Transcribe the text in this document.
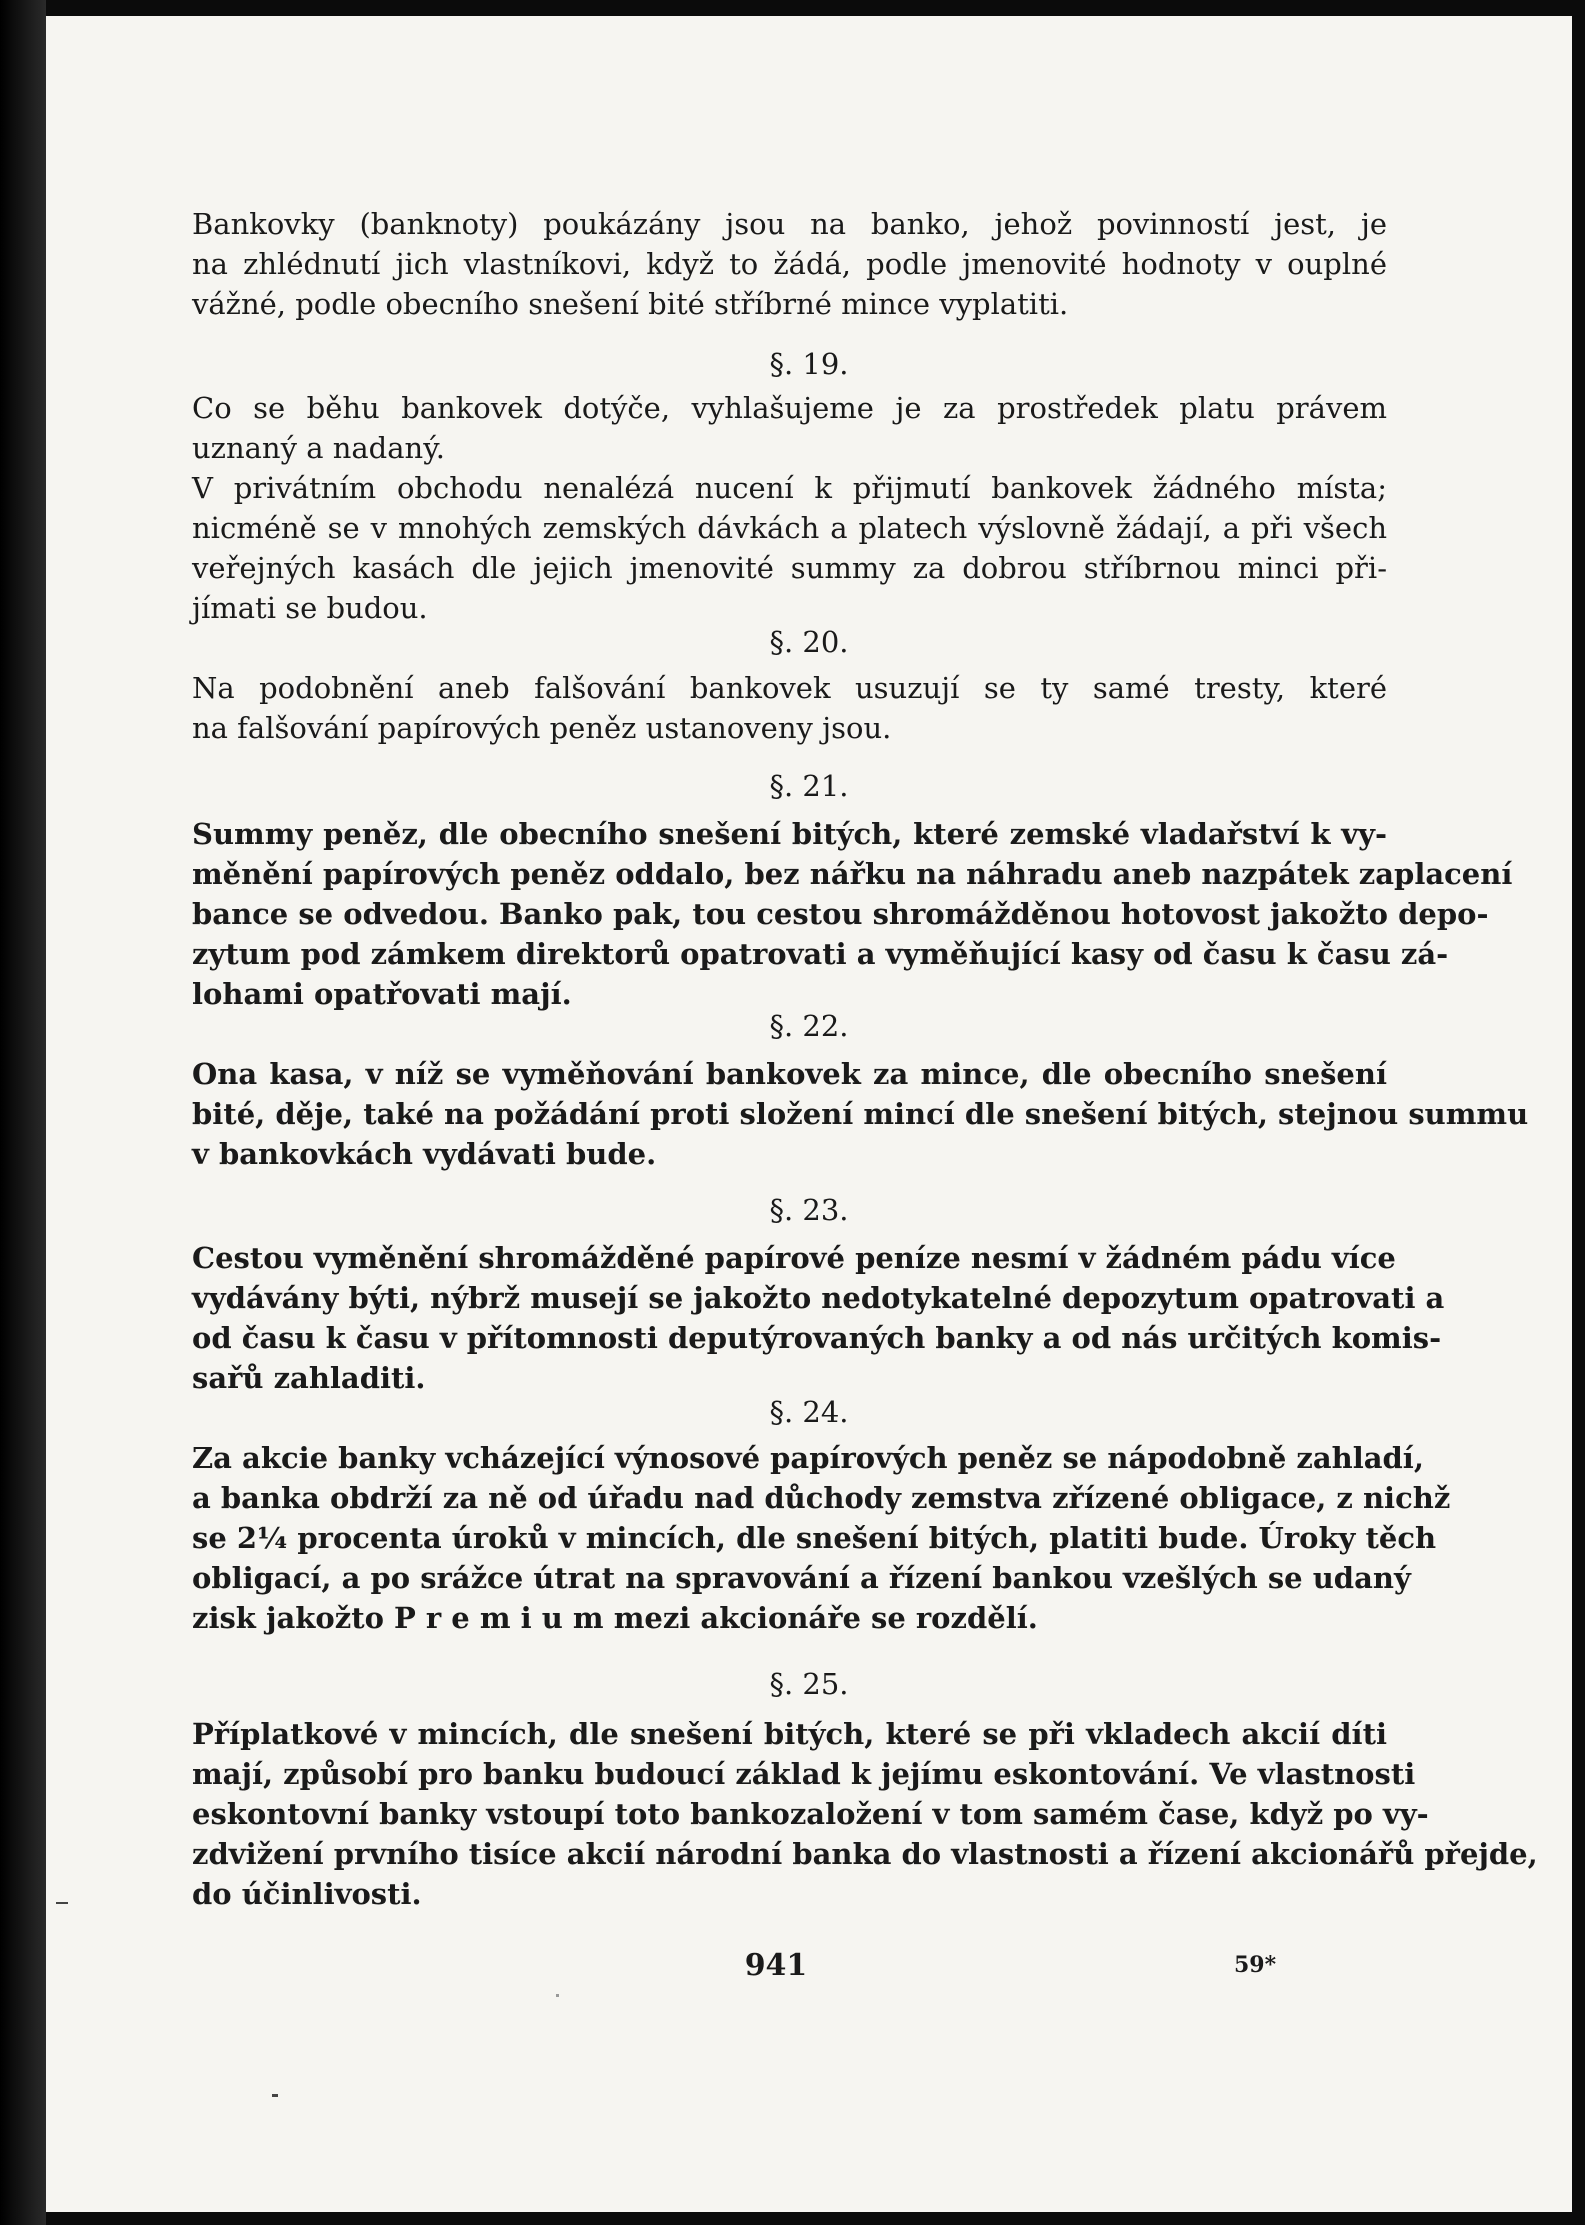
Bankovky (banknoty) poukázány jsou na banko, jehož povinností jest, je
na zhlédnutí jich vlastníkovi, když to žádá, podle jmenovité hodnoty v ouplné
vážné, podle obecního snešení bité stříbrné mince vyplatiti.
§. 19.
Co se běhu bankovek dotýče, vyhlašujeme je za prostředek platu právem
uznaný a nadaný.
V privátním obchodu nenalézá nucení k přijmutí bankovek žádného místa;
nicméně se v mnohých zemských dávkách a platech výslovně žádají, a při všech
veřejných kasách dle jejich jmenovité summy za dobrou stříbrnou minci při-
jímati se budou.
§. 20.
Na podobnění aneb falšování bankovek usuzují se ty samé tresty, které
na falšování papírových peněz ustanoveny jsou.
§. 21.
Summy peněz, dle obecního snešení bitých, které zemské vladařství k vy-
měnění papírových peněz oddalo, bez nářku na náhradu aneb nazpátek zaplacení
bance se odvedou. Banko pak, tou cestou shromážděnou hotovost jakožto depo-
zytum pod zámkem direktorů opatrovati a vyměňující kasy od času k času zá-
lohami opatřovati mají.
§. 22.
Ona kasa, v níž se vyměňování bankovek za mince, dle obecního snešení
bité, děje, také na požádání proti složení mincí dle snešení bitých, stejnou summu
v bankovkách vydávati bude.
§. 23.
Cestou vyměnění shromážděné papírové peníze nesmí v žádném pádu více
vydávány býti, nýbrž musejí se jakožto nedotykatelné depozytum opatrovati a
od času k času v přítomnosti deputýrovaných banky a od nás určitých komis-
sařů zahladiti.
§. 24.
Za akcie banky vcházející výnosové papírových peněz se nápodobně zahladí,
a banka obdrží za ně od úřadu nad důchody zemstva zřízené obligace, z nichž
se 2¼ procenta úroků v mincích, dle snešení bitých, platiti bude. Úroky těch
obligací, a po srážce útrat na spravování a řízení bankou vzešlých se udaný
zisk jakožto P r e m i u m mezi akcionáře se rozdělí.
§. 25.
Příplatkové v mincích, dle snešení bitých, které se při vkladech akcií díti
mají, způsobí pro banku budoucí základ k jejímu eskontování. Ve vlastnosti
eskontovní banky vstoupí toto bankozaložení v tom samém čase, když po vy-
zdvižení prvního tisíce akcií národní banka do vlastnosti a řízení akcionářů přejde,
do účinlivosti.
941	59*
